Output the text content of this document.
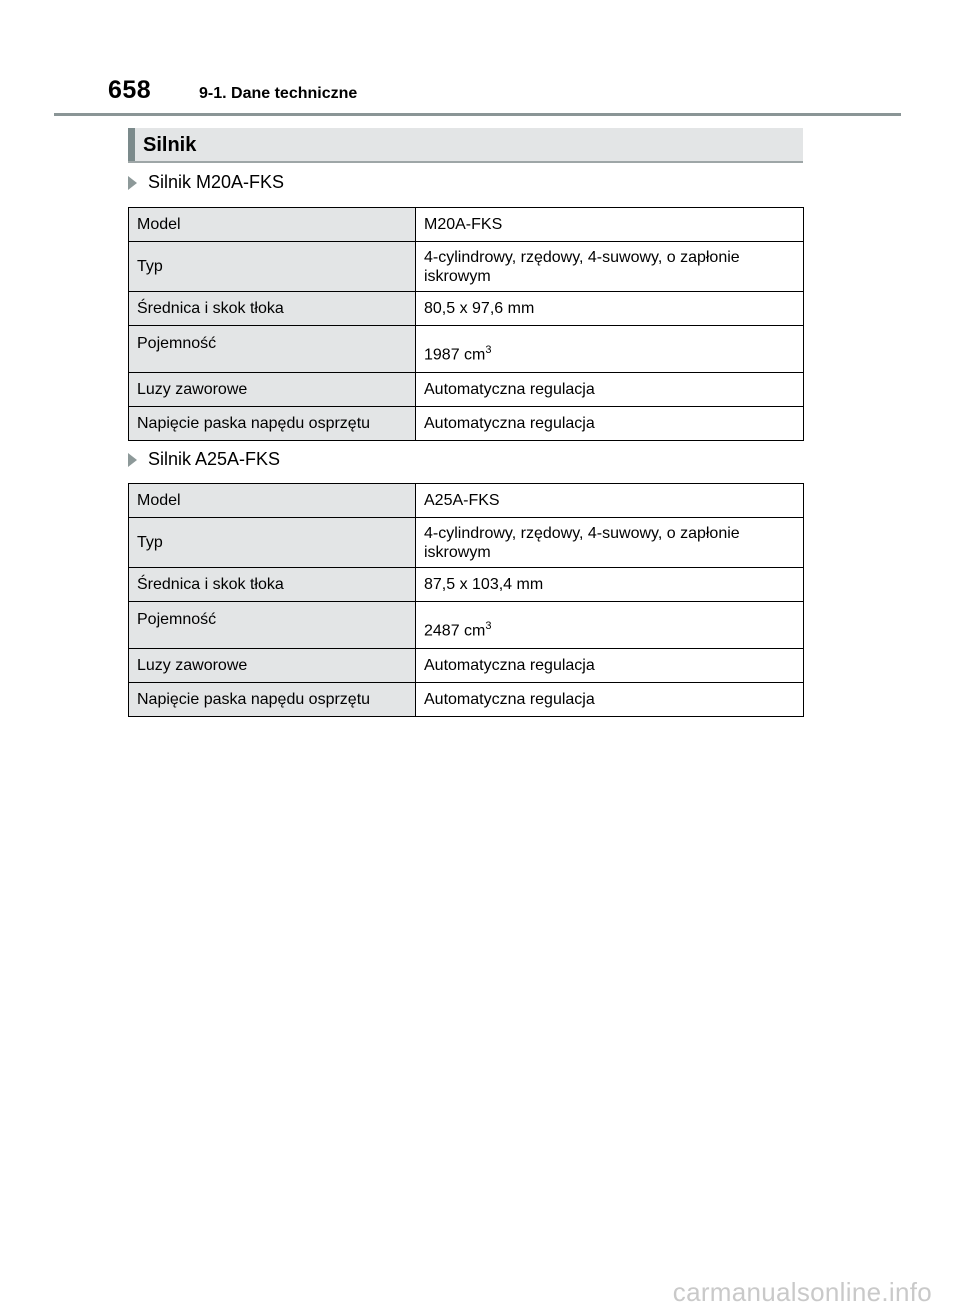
658	9-1. Dane techniczne
Silnik
Silnik M20A-FKS
Model	M20A-FKS
Typ	4-cylindrowy, rzędowy, 4-suwowy, o zapłonie iskrowym
Średnica i skok tłoka	80,5 x 97,6 mm
Pojemność	1987 $cm^3$
Luzy zaworowe	Automatyczna regulacja
Napięcie paska napędu osprzętu	Automatyczna regulacja
Silnik A25A-FKS
Model	A25A-FKS
Typ	4-cylindrowy, rzędowy, 4-suwowy, o zapłonie iskrowym
Średnica i skok tłoka	87,5 x 103,4 mm
Pojemność	2487 $cm^3$
Luzy zaworowe	Automatyczna regulacja
Napięcie paska napędu osprzętu	Automatyczna regulacja
carmanualsonline.info
